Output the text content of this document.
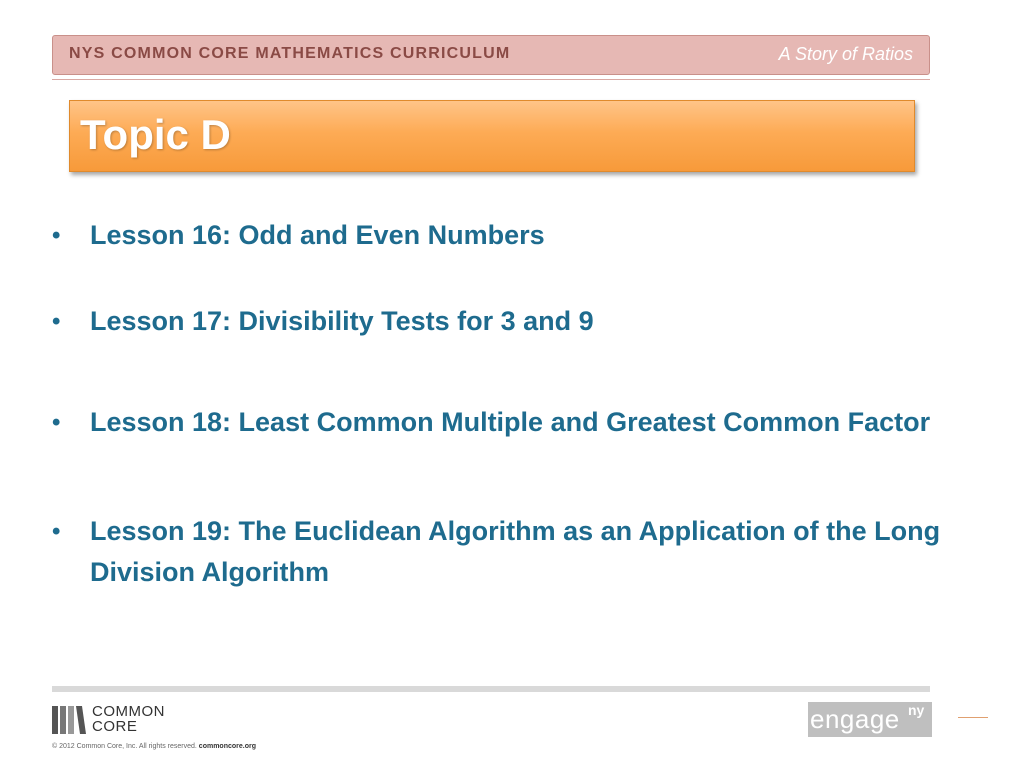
NYS COMMON CORE MATHEMATICS CURRICULUM	A Story of Ratios
Topic D
• Lesson 16: Odd and Even Numbers
• Lesson 17: Divisibility Tests for 3 and 9
• Lesson 18: Least Common Multiple and Greatest Common Factor
• Lesson 19: The Euclidean Algorithm as an Application of the Long Division Algorithm
COMMON
CORE
© 2012 Common Core, Inc. All rights reserved. commoncore.org
engage ny
